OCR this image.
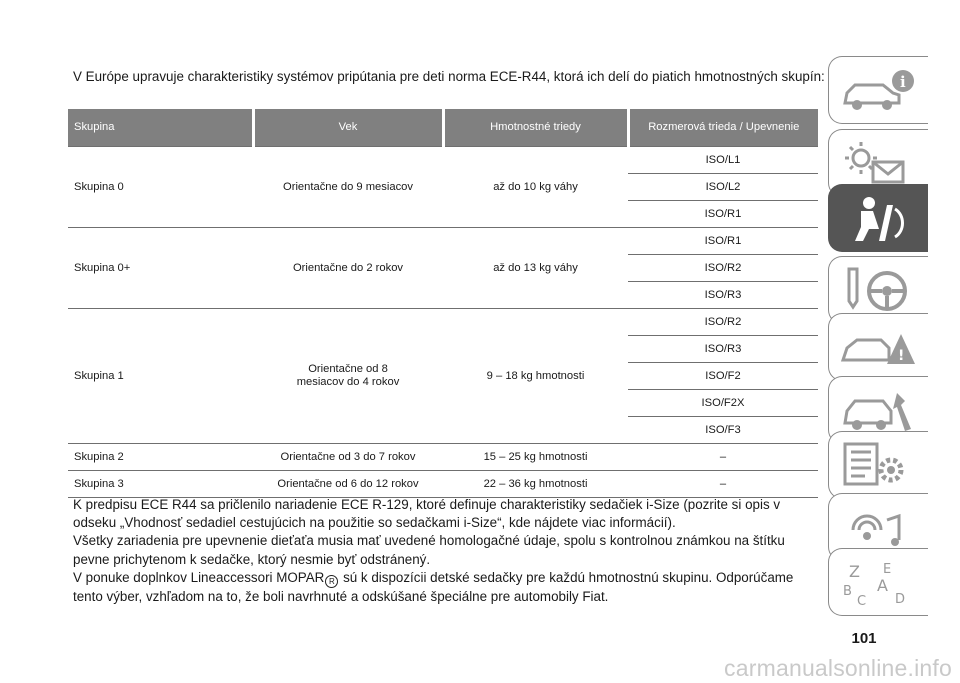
V Európe upravuje charakteristiky systémov pripútania pre deti norma ECE-R44, ktorá ich delí do piatich hmotnostných skupín:
Skupina	Vek	Hmotnostné triedy	Rozmerová trieda / Upevnenie
Skupina 0	Orientačne do 9 mesiacov	až do 10 kg váhy	ISO/L1
			ISO/L2
			ISO/R1
Skupina 0+	Orientačne do 2 rokov	až do 13 kg váhy	ISO/R1
			ISO/R2
			ISO/R3
Skupina 1	Orientačne od 8 mesiacov do 4 rokov	9 – 18 kg hmotnosti	ISO/R2
			ISO/R3
			ISO/F2
			ISO/F2X
			ISO/F3
Skupina 2	Orientačne od 3 do 7 rokov	15 – 25 kg hmotnosti	–
Skupina 3	Orientačne od 6 do 12 rokov	22 – 36 kg hmotnosti	–

K predpisu ECE R44 sa pričlenilo nariadenie ECE R-129, ktoré definuje charakteristiky sedačiek i-Size (pozrite si opis v odseku „Vhodnosť sedadiel cestujúcich na použitie so sedačkami i-Size“, kde nájdete viac informácií).

Všetky zariadenia pre upevnenie dieťaťa musia mať uvedené homologačné údaje, spolu s kontrolnou známkou na štítku pevne prichytenom k sedačke, ktorý nesmie byť odstránený.

V ponuke doplnkov Lineaccessori MOPAR R sú k dispozícii detské sedačky pre každú hmotnostnú skupinu. Odporúčame tento výber, vzhľadom na to, že boli navrhnuté a odskúšané špeciálne pre automobily Fiat.

101
i
!
Z E
A
B
C D
carmanualsonline.info
